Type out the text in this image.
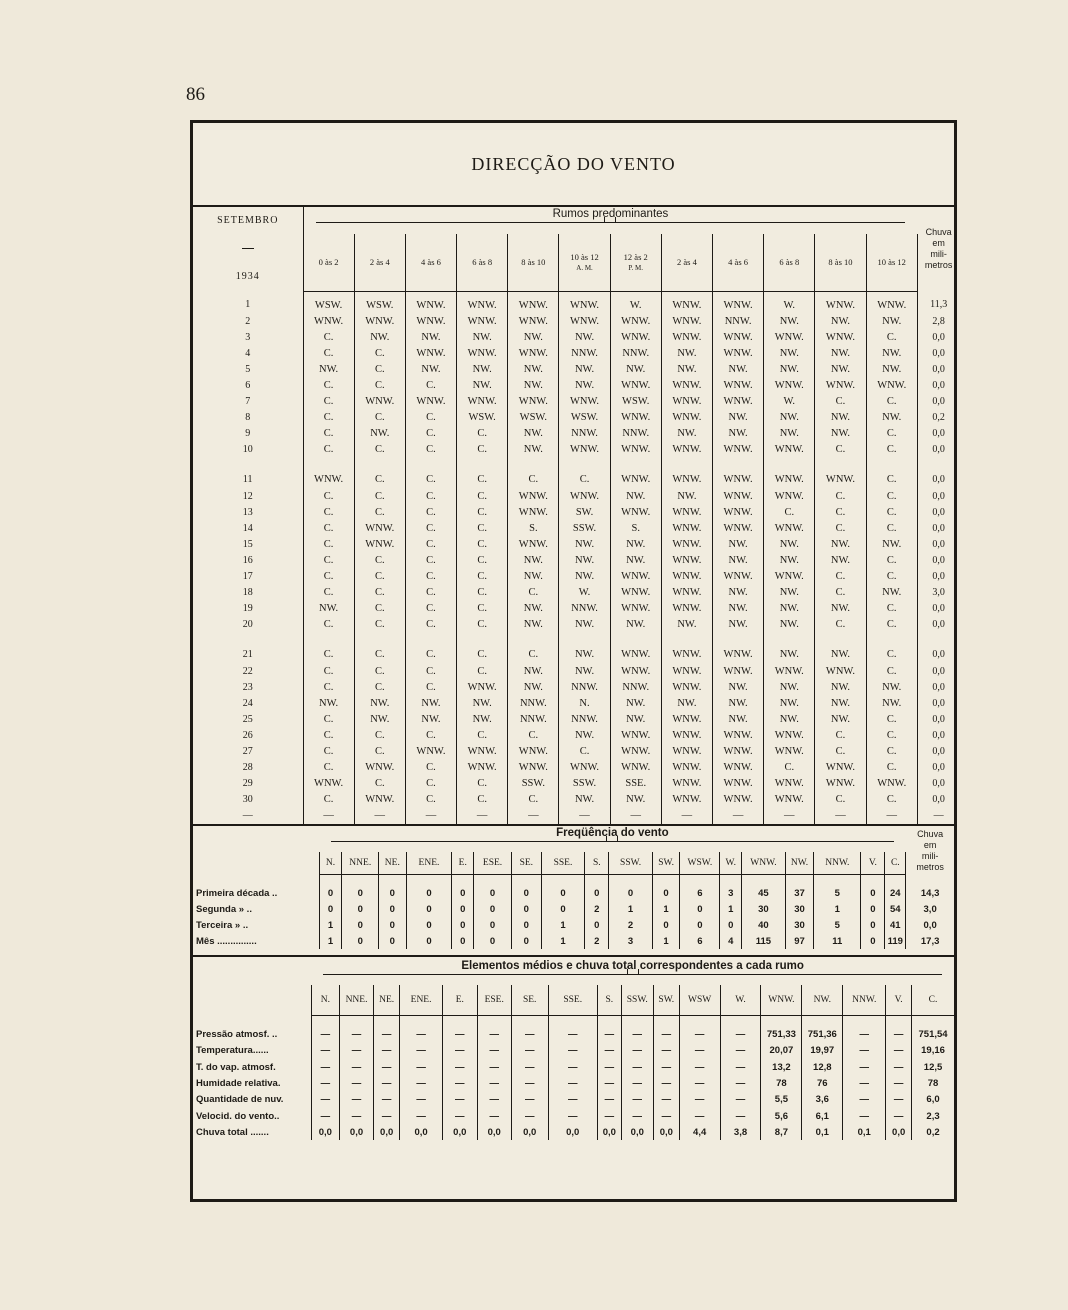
86
DIRECÇÃO DO VENTO
SETEMBRO

1934	Rumos predominantes												Chuva
em
mili-
metros
	0 às 2	2 às 4	4 às 6	6 às 8	8 às 10	10 às 12
A. M.	12 às 2
P. M.	2 às 4	4 às 6	6 às 8	8 às 10	10 às 12	
1	WSW.	WSW.	WNW.	WNW.	WNW.	WNW.	W.	WNW.	WNW.	W.	WNW.	WNW.	11,3
2	WNW.	WNW.	WNW.	WNW.	WNW.	WNW.	WNW.	WNW.	NNW.	NW.	NW.	NW.	2,8
3	C.	NW.	NW.	NW.	NW.	NW.	WNW.	WNW.	WNW.	WNW.	WNW.	C.	0,0
4	C.	C.	WNW.	WNW.	WNW.	NNW.	NNW.	NW.	WNW.	NW.	NW.	NW.	0,0
5	NW.	C.	NW.	NW.	NW.	NW.	NW.	NW.	NW.	NW.	NW.	NW.	0,0
6	C.	C.	C.	NW.	NW.	NW.	WNW.	WNW.	WNW.	WNW.	WNW.	WNW.	0,0
7	C.	WNW.	WNW.	WNW.	WNW.	WNW.	WSW.	WNW.	WNW.	W.	C.	C.	0,0
8	C.	C.	C.	WSW.	WSW.	WSW.	WNW.	WNW.	NW.	NW.	NW.	NW.	0,2
9	C.	NW.	C.	C.	NW.	NNW.	NNW.	NW.	NW.	NW.	NW.	C.	0,0
10	C.	C.	C.	C.	NW.	WNW.	WNW.	WNW.	WNW.	WNW.	C.	C.	0,0

11	WNW.	C.	C.	C.	C.	C.	WNW.	WNW.	WNW.	WNW.	WNW.	C.	0,0
12	C.	C.	C.	C.	WNW.	WNW.	NW.	NW.	WNW.	WNW.	C.	C.	0,0
13	C.	C.	C.	C.	WNW.	SW.	WNW.	WNW.	WNW.	C.	C.	C.	0,0
14	C.	WNW.	C.	C.	S.	SSW.	S.	WNW.	WNW.	WNW.	C.	C.	0,0
15	C.	WNW.	C.	C.	WNW.	NW.	NW.	WNW.	NW.	NW.	NW.	NW.	0,0
16	C.	C.	C.	C.	NW.	NW.	NW.	WNW.	NW.	NW.	NW.	C.	0,0
17	C.	C.	C.	C.	NW.	NW.	WNW.	WNW.	WNW.	WNW.	C.	C.	0,0
18	C.	C.	C.	C.	C.	W.	WNW.	WNW.	NW.	NW.	C.	NW.	3,0
19	NW.	C.	C.	C.	NW.	NNW.	WNW.	WNW.	NW.	NW.	NW.	C.	0,0
20	C.	C.	C.	C.	NW.	NW.	NW.	NW.	NW.	NW.	C.	C.	0,0

21	C.	C.	C.	C.	C.	NW.	WNW.	WNW.	WNW.	NW.	NW.	C.	0,0
22	C.	C.	C.	C.	NW.	NW.	WNW.	WNW.	WNW.	WNW.	WNW.	C.	0,0
23	C.	C.	C.	WNW.	NW.	NNW.	NNW.	WNW.	NW.	NW.	NW.	NW.	0,0
24	NW.	NW.	NW.	NW.	NNW.	N.	NW.	NW.	NW.	NW.	NW.	NW.	0,0
25	C.	NW.	NW.	NW.	NNW.	NNW.	NW.	WNW.	NW.	NW.	NW.	C.	0,0
26	C.	C.	C.	C.	C.	NW.	WNW.	WNW.	WNW.	WNW.	C.	C.	0,0
27	C.	C.	WNW.	WNW.	WNW.	C.	WNW.	WNW.	WNW.	WNW.	C.	C.	0,0
28	C.	WNW.	C.	WNW.	WNW.	WNW.	WNW.	WNW.	WNW.	C.	WNW.	C.	0,0
29	WNW.	C.	C.	C.	SSW.	SSW.	SSE.	WNW.	WNW.	WNW.	WNW.	WNW.	0,0
30	C.	WNW.	C.	C.	C.	NW.	NW.	WNW.	WNW.	WNW.	C.	C.	0,0
—	—	—	—	—	—	—	—	—	—	—	—	—	—
	Freqüência do vento																		Chuva
em
mili-
metros
	N.	NNE.	NE.	ENE.	E.	ESE.	SE.	SSE.	S.	SSW.	SW.	WSW.	W.	WNW.	NW.	NNW.	V.	C.	
Primeira década ..	0	0	0	0	0	0	0	0	0	0	0	6	3	45	37	5	0	24	14,3
Segunda » ..	0	0	0	0	0	0	0	0	2	1	1	0	1	30	30	1	0	54	3,0
Terceira » ..	1	0	0	0	0	0	0	1	0	2	0	0	0	40	30	5	0	41	0,0
Mês ...............	1	0	0	0	0	0	0	1	2	3	1	6	4	115	97	11	0	119	17,3
	Elementos médios e chuva total correspondentes a cada rumo																	

	N.	NNE.	NE.	ENE.	E.	ESE.	SE.	SSE.	S.	SSW.	SW.	WSW	W.	WNW.	NW.	NNW.	V.	C.
Pressão atmosf. ..	—	—	—	—	—	—	—	—	—	—	—	—	—	751,33	751,36	—	—	751,54
Temperatura......	—	—	—	—	—	—	—	—	—	—	—	—	—	20,07	19,97	—	—	19,16
T. do vap. atmosf.	—	—	—	—	—	—	—	—	—	—	—	—	—	13,2	12,8	—	—	12,5
Humidade relativa.	—	—	—	—	—	—	—	—	—	—	—	—	—	78	76	—	—	78
Quantidade de nuv.	—	—	—	—	—	—	—	—	—	—	—	—	—	5,5	3,6	—	—	6,0
Velocid. do vento..	—	—	—	—	—	—	—	—	—	—	—	—	—	5,6	6,1	—	—	2,3
Chuva total .......	0,0	0,0	0,0	0,0	0,0	0,0	0,0	0,0	0,0	0,0	0,0	4,4	3,8	8,7	0,1	0,1	0,0	0,2
